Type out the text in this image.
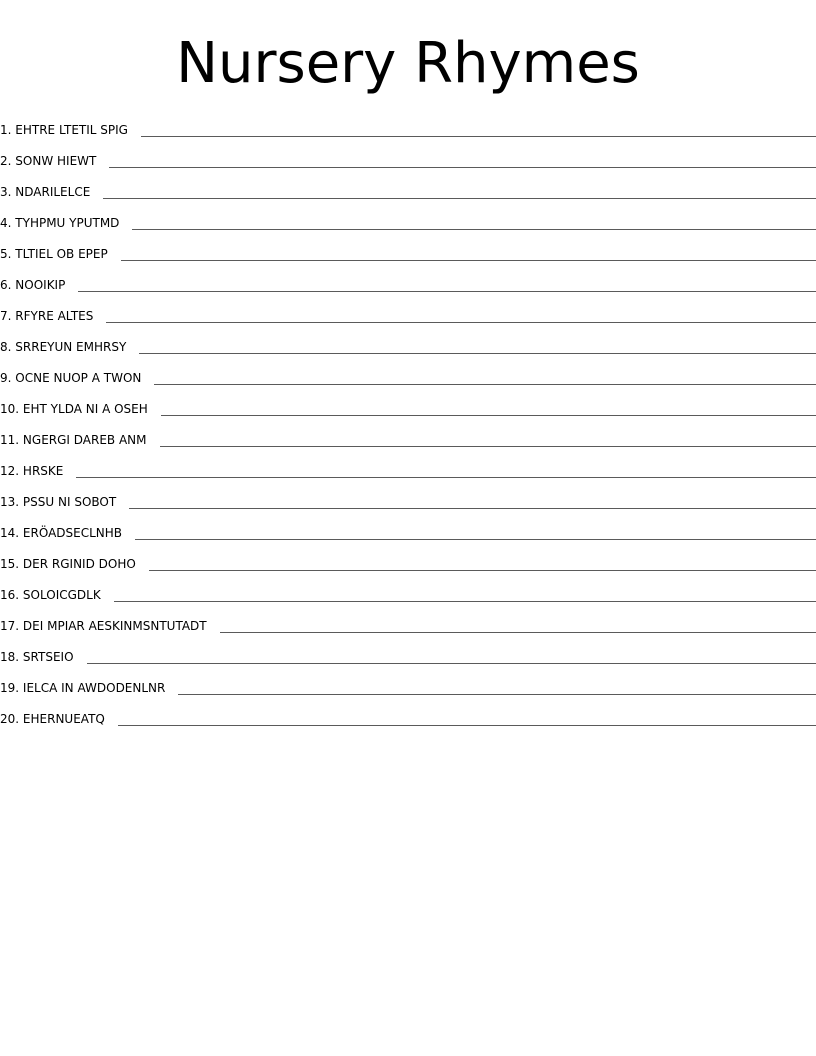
Nursery Rhymes
1 . EHTRE LTETIL SPIG
2 . SONW HIEWT
3 . NDARILELCE
4 . TYHPMU YPUTMD
5 . TLTIEL OB EPEP
6 . NOOIKIP
7 . RFYRE ALTES
8 . SRREYUN EMHRSY
9 . OCNE NUOP A TWON
10 . EHT YLDA NI A OSEH
11 . NGERGI DAREB ANM
12 . HRSKE
13 . PSSU NI SOBOT
14 . ERÖADSECLNHB
15 . DER RGINID DOHO
16 . SOLOICGDLK
17 . DEI MPIAR AESKINMSNTUTADT
18 . SRTSEIO
19 . IELCA IN AWDODENLNR
20 . EHERNUEATQ
